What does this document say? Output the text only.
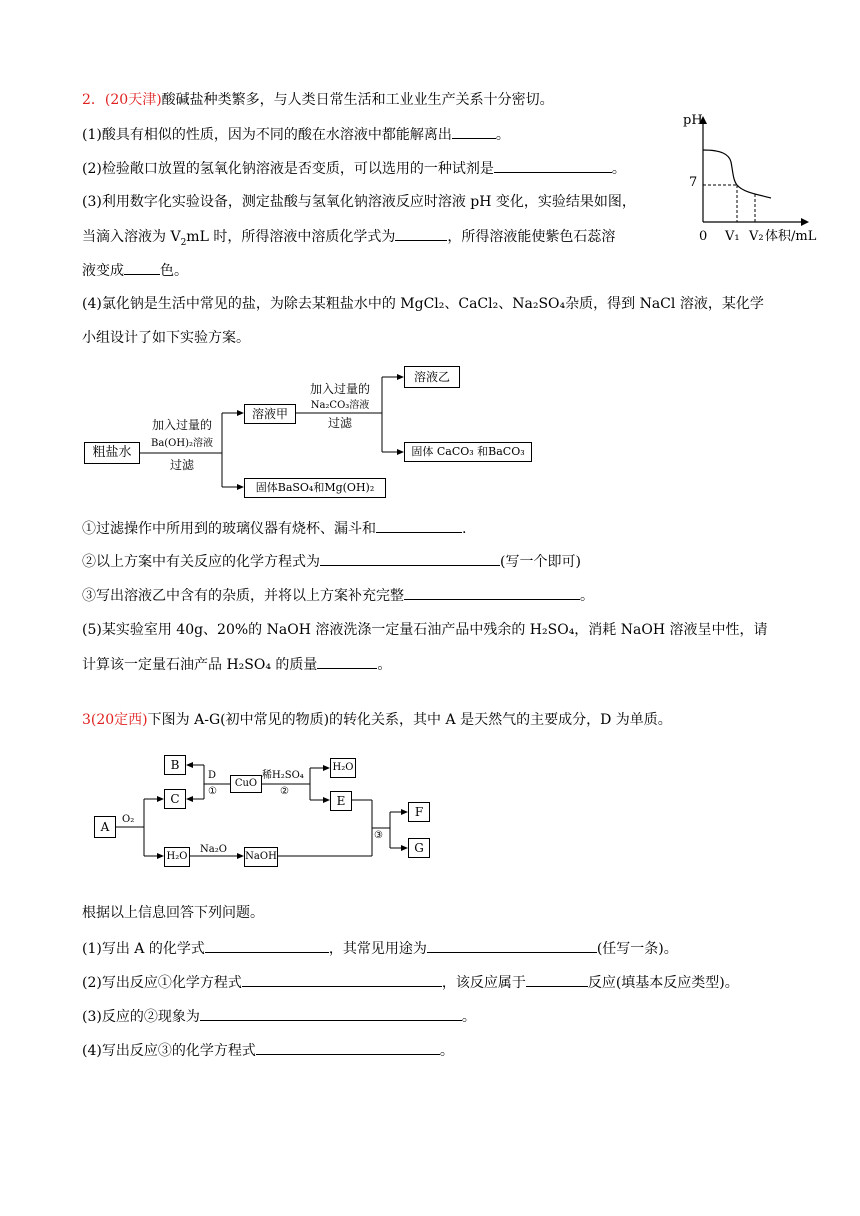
2．(20天津)酸碱盐种类繁多，与人类日常生活和工业业生产关系十分密切。
(1)酸具有相似的性质，因为不同的酸在水溶液中都能解离出	。
(2)检验敞口放置的氢氧化钠溶液是否变质，可以选用的一种试剂是	。
(3)利用数字化实验设备，测定盐酸与氢氧化钠溶液反应时溶液 pH 变化，实验结果如图，
当滴入溶液为 $V_2mL$ 时，所得溶液中溶质化学式为	，所得溶液能使紫色石蕊溶
液变成	色。
(4)氯化钠是生活中常见的盐，为除去某粗盐水中的 MgCl₂、CaCl₂、Na₂SO₄杂质，得到 NaCl 溶液，某化学
小组设计了如下实验方案。
pH
7
0 V₁ V₂ 体积/mL
粗盐水
加入过量的
Ba(OH)₂溶液
过滤
溶液甲
加入过量的
Na₂CO₃溶液
过滤
溶液乙
固体 CaCO₃ 和BaCO₃
固体BaSO₄和Mg(OH)₂
①过滤操作中所用到的玻璃仪器有烧杯、漏斗和	.
②以上方案中有关反应的化学方程式为	(写一个即可)
③写出溶液乙中含有的杂质，并将以上方案补充完整	。
(5)某实验室用 40g、20%的 NaOH 溶液洗涤一定量石油产品中残余的 H₂SO₄，消耗 NaOH 溶液呈中性，请
计算该一定量石油产品 H₂SO₄ 的质量	。
3(20定西)下图为 A-G(初中常见的物质)的转化关系，其中 A 是天然气的主要成分，D 为单质。
A
O₂
B
C
D
①
CuO
稀H₂SO₄
②
H₂O
E
H₂O
Na₂O
NaOH
③
F
G
根据以上信息回答下列问题。
(1)写出 A 的化学式	，其常见用途为	(任写一条)。
(2)写出反应①化学方程式	，该反应属于	反应(填基本反应类型)。
(3)反应的②现象为	。
(4)写出反应③的化学方程式	。
